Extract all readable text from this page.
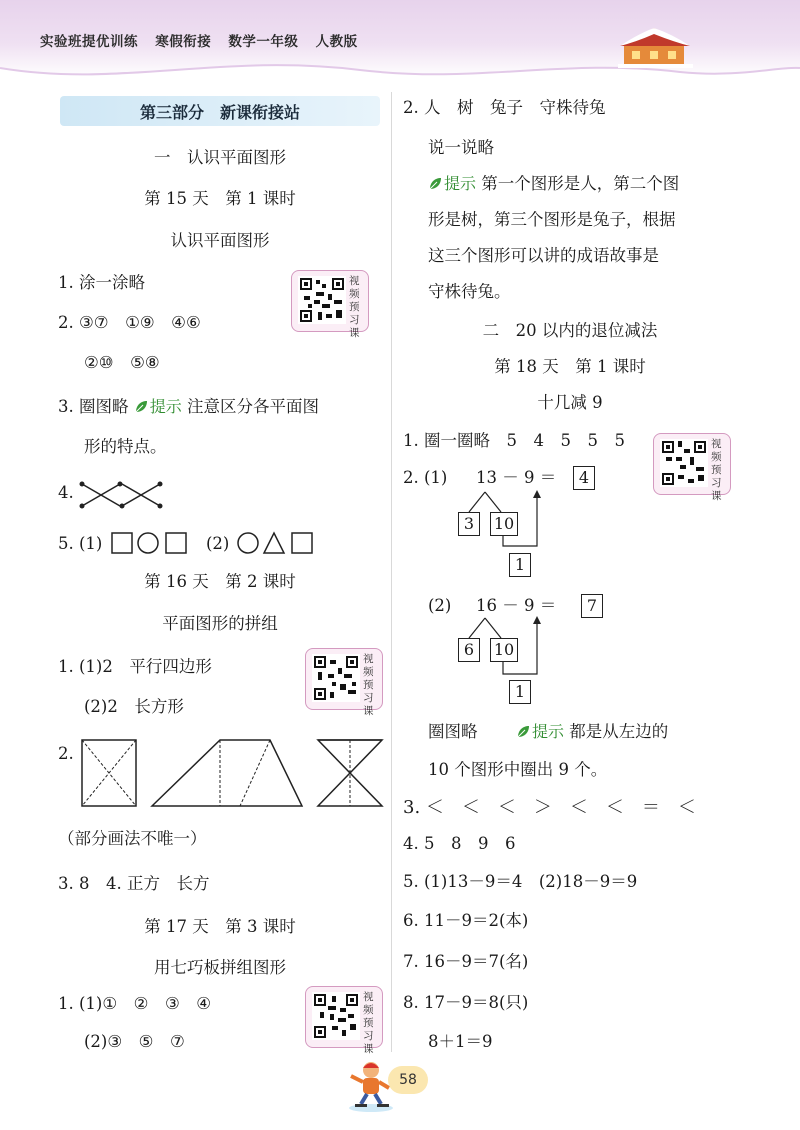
实验班提优训练 寒假衔接 数学一年级 人教版
第三部分　新课衔接站
一　认识平面图形
第 15 天　第 1 课时
认识平面图形
1. 涂一涂略	视频预习课
2. ③⑦　①⑨　④⑥
②⑩　⑤⑧
3. 圈图略 提示 注意区分各平面图
形的特点。
4.
5. (1)	(2)
第 16 天　第 2 课时
平面图形的拼组
1. (1)2　平行四边形	视频预习课
(2)2　长方形
2.
（部分画法不唯一）
3. 8　4. 正方　长方
第 17 天　第 3 课时
用七巧板拼组图形
1. (1)①　②　③　④	视频预习课
(2)③　⑤　⑦
2. 人　树　兔子　守株待兔
说一说略
提示 第一个图形是人，第二个图
形是树，第三个图形是兔子，根据
这三个图形可以讲的成语故事是
守株待兔。
二　20 以内的退位减法
第 18 天　第 1 课时
十几减 9
1. 圈一圈略　5　4　5　5　5	视频预习课
2. (1) 13 － 9 ＝	4
3	10
1
(2) 16 － 9 ＝	7
6	10
1
圈图略	提示 都是从左边的
10 个图形中圈出 9 个。
3. ＜　＜　＜　＞　＜　＜　＝　＜
4. 5　8　9　6
5. (1)13－9＝4　(2)18－9＝9
6. 11－9＝2(本)
7. 16－9＝7(名)
8. 17－9＝8(只)
8＋1＝9
58
